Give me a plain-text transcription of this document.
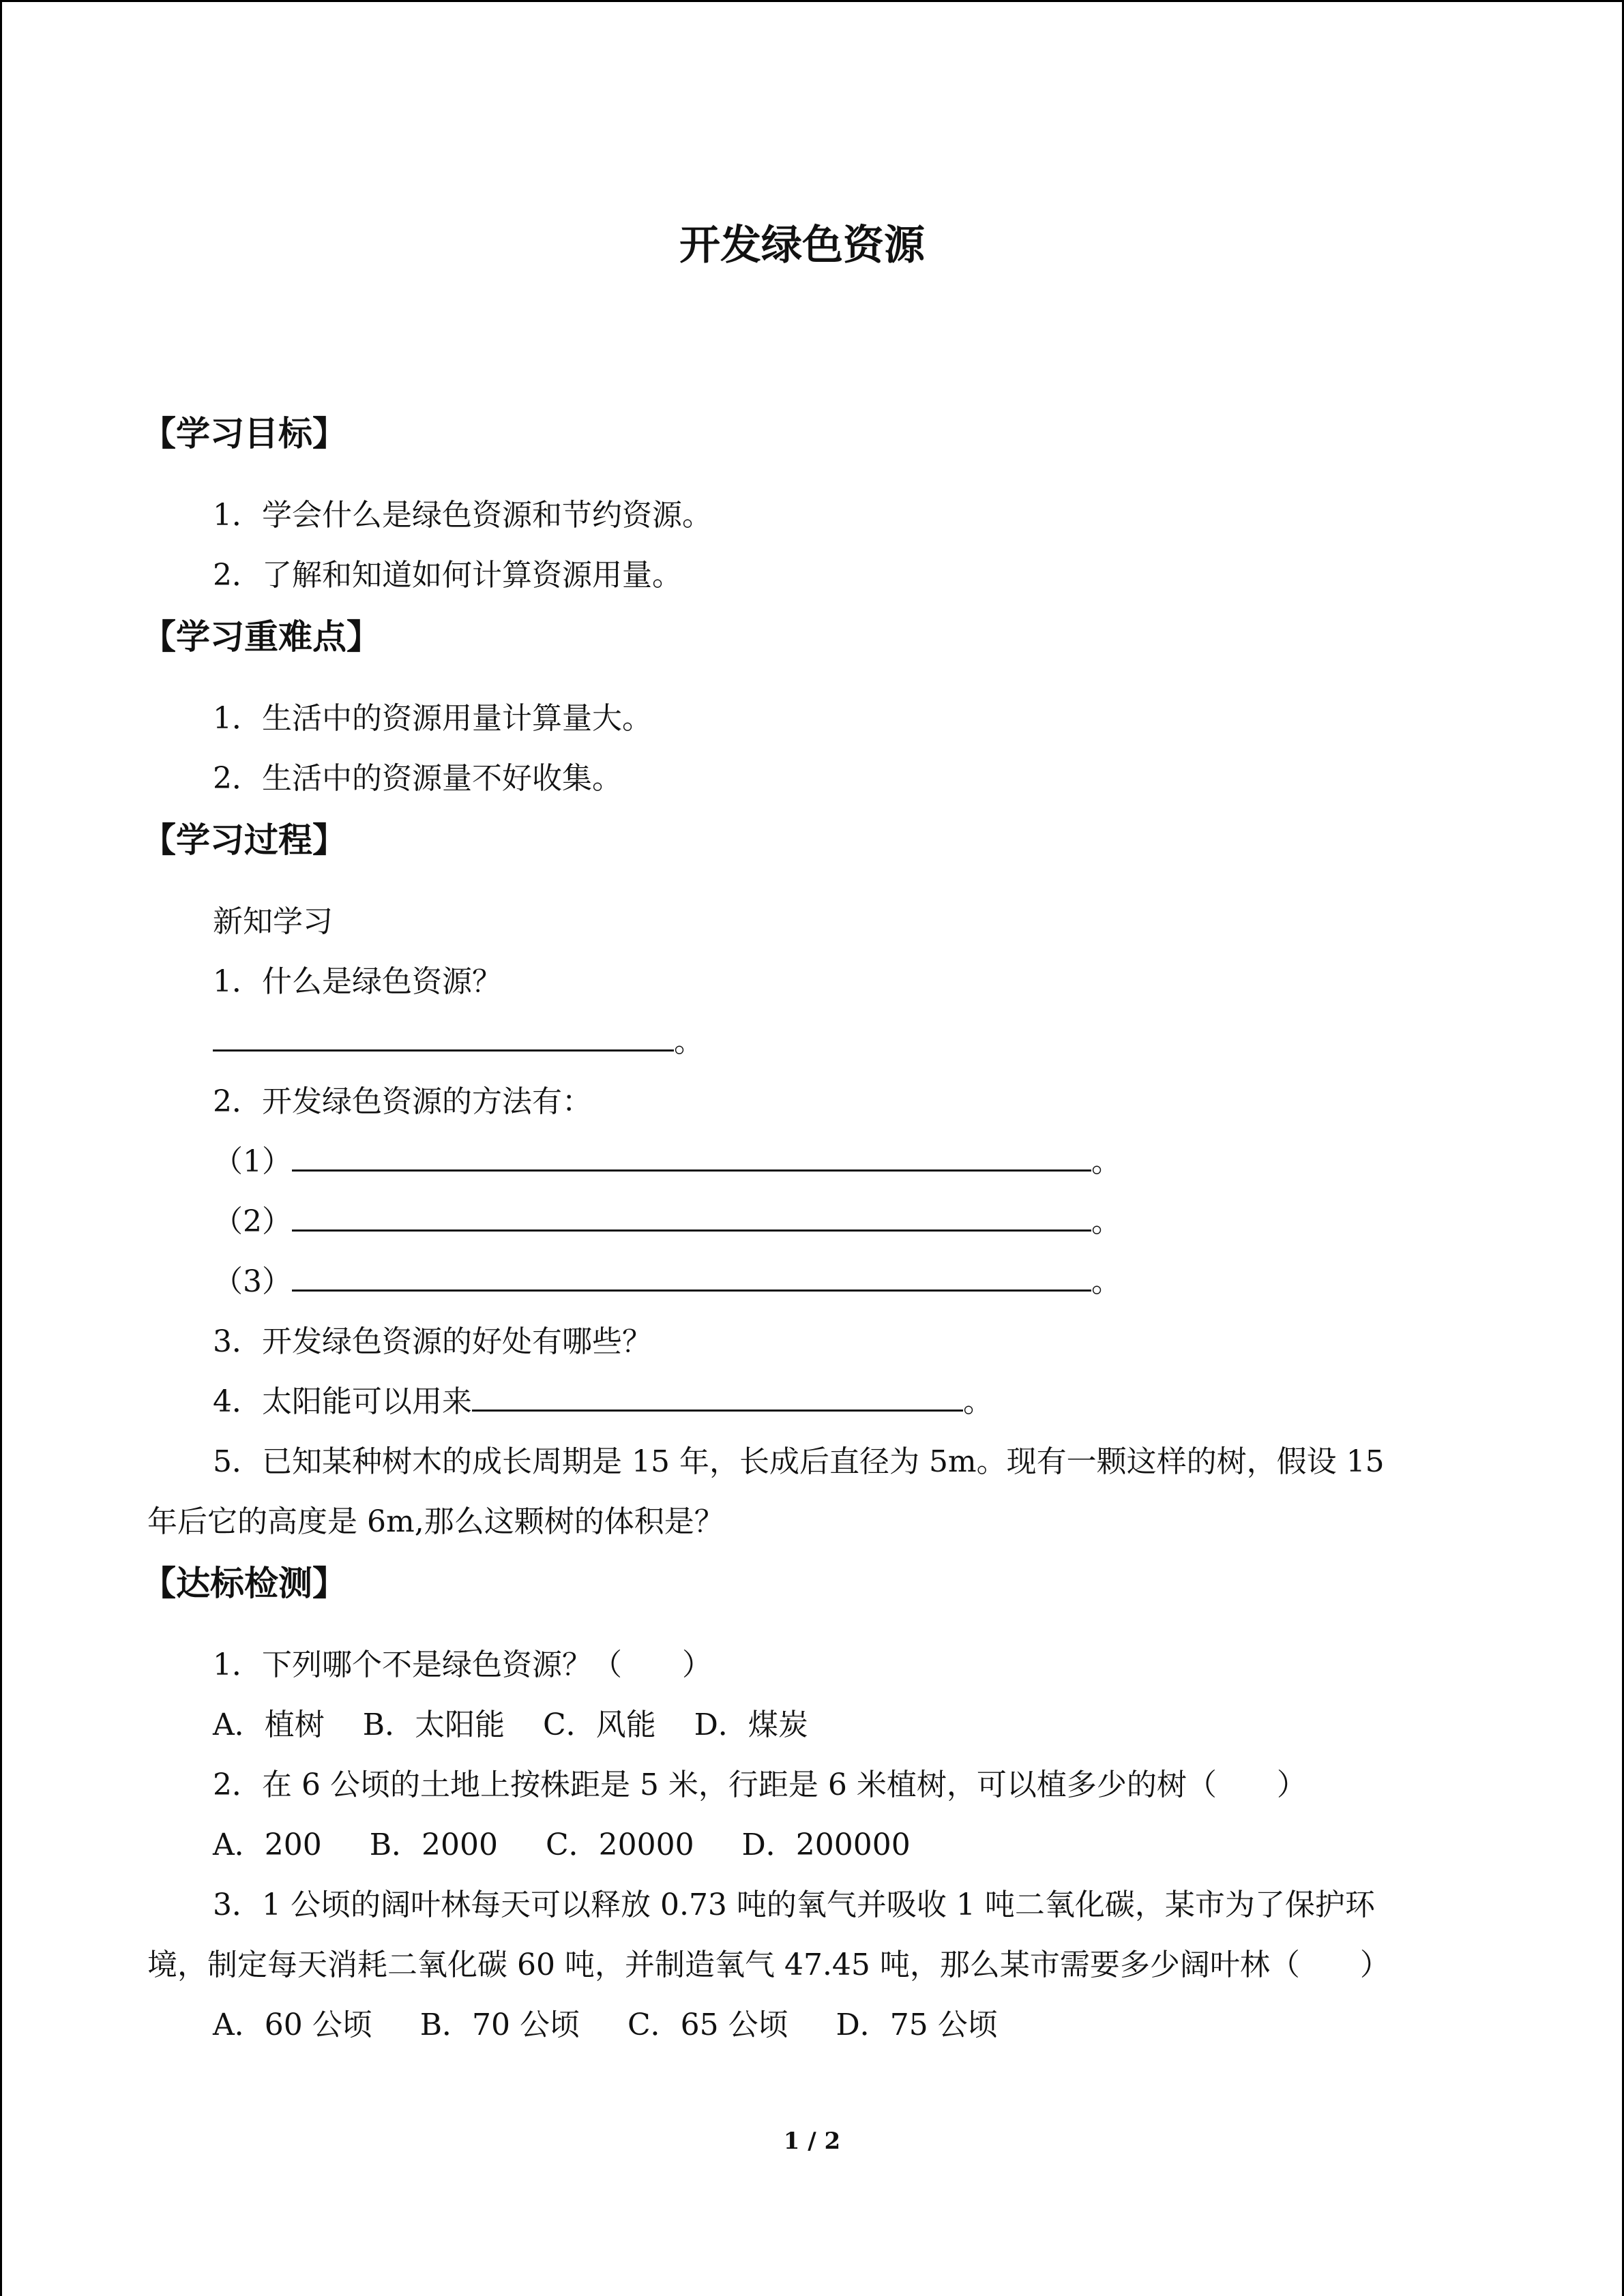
开发绿色资源
【学习目标】
1．学会什么是绿色资源和节约资源。
2．了解和知道如何计算资源用量。
【学习重难点】
1．生活中的资源用量计算量大。
2．生活中的资源量不好收集。
【学习过程】
新知学习
1．什么是绿色资源？
。
2．开发绿色资源的方法有：
（1）	。
（2）	。
（3）	。
3．开发绿色资源的好处有哪些？
4．太阳能可以用来	。
5．已知某种树木的成长周期是 15 年，长成后直径为 5m。现有一颗这样的树，假设 15
年后它的高度是 6m,那么这颗树的体积是？
【达标检测】
1．下列哪个不是绿色资源？（　　）
A．植树 B．太阳能 C．风能 D．煤炭
2．在 6 公顷的土地上按株距是 5 米，行距是 6 米植树，可以植多少的树（　　）
A．200 B．2000 C．20000 D．200000
3．1 公顷的阔叶林每天可以释放 0.73 吨的氧气并吸收 1 吨二氧化碳，某市为了保护环
境，制定每天消耗二氧化碳 60 吨，并制造氧气 47.45 吨，那么某市需要多少阔叶林（　　）
A．60 公顷 B．70 公顷 C．65 公顷 D．75 公顷
1 / 2
